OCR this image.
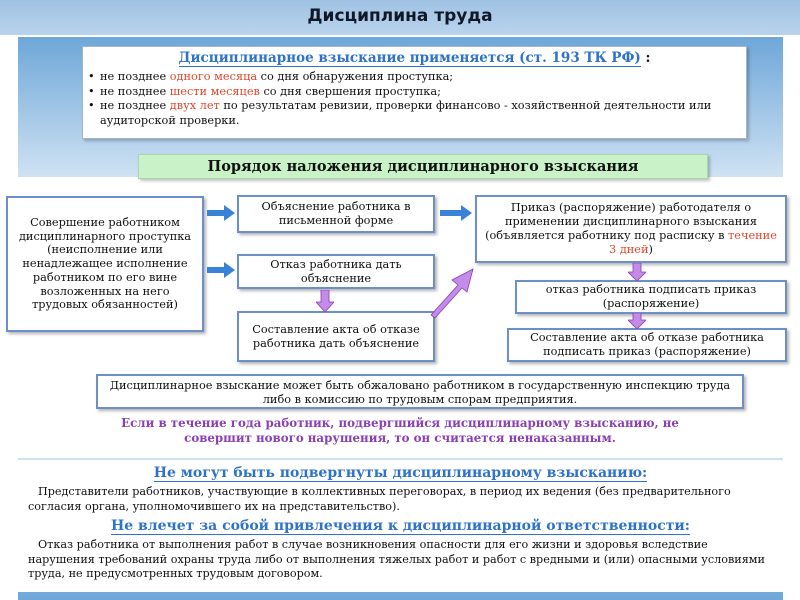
Дисциплина труда
Дисциплинарное взыскание применяется (ст. 193 ТК РФ) :
• не позднее одного месяца со дня обнаружения проступка;
• не позднее шести месяцев со дня свершения проступка;
• не позднее двух лет по результатам ревизии, проверки финансово - хозяйственной деятельности или аудиторской проверки.
Порядок наложения дисциплинарного взыскания
Совершение работником дисциплинарного проступка (неисполнение или ненадлежащее исполнение работником по его вине возложенных на него трудовых обязанностей)
Объяснение работника в письменной форме
Отказ работника дать объяснение
Составление акта об отказе работника дать объяснение
Приказ (распоряжение) работодателя о применении дисциплинарного взыскания (объявляется работнику под расписку в течение 3 дней)
отказ работника подписать приказ (распоряжение)
Составление акта об отказе работника подписать приказ (распоряжение)
Дисциплинарное взыскание может быть обжаловано работником в государственную инспекцию труда либо в комиссию по трудовым спорам предприятия.
Если в течение года работник, подвергшийся дисциплинарному взысканию, не совершит нового нарушения, то он считается ненаказанным.
Не могут быть подвергнуты дисциплинарному взысканию:
Представители работников, участвующие в коллективных переговорах, в период их ведения (без предварительного согласия органа, уполномочившего их на представительство).
Не влечет за собой привлечения к дисциплинарной ответственности:
Отказ работника от выполнения работ в случае возникновения опасности для его жизни и здоровья вследствие нарушения требований охраны труда либо от выполнения тяжелых работ и работ с вредными и (или) опасными условиями труда, не предусмотренных трудовым договором.
